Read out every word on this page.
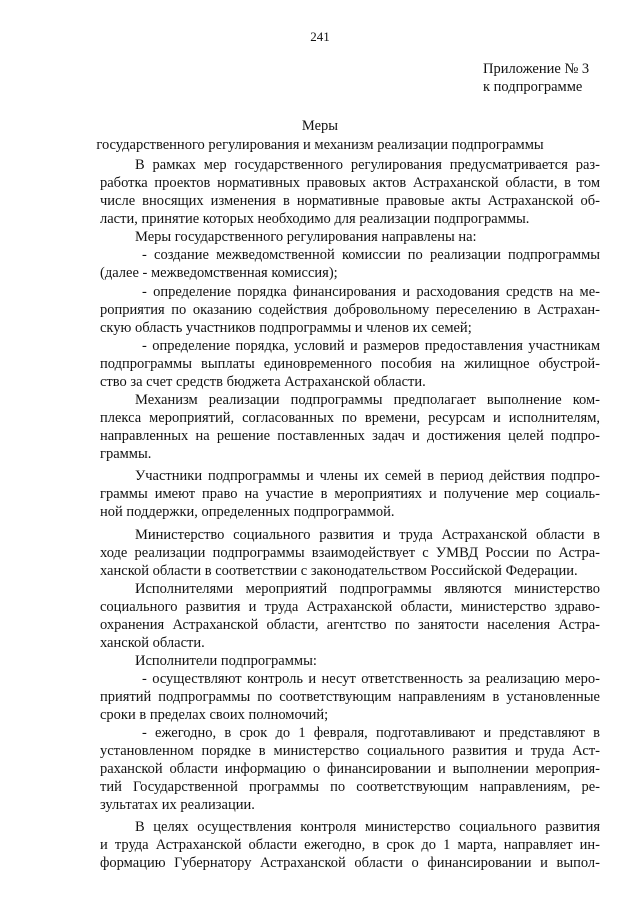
241
Приложение № 3
к подпрограмме
Меры
государственного регулирования и механизм реализации подпрограммы
В рамках мер государственного регулирования предусматривается раз-
работка проектов нормативных правовых актов Астраханской области, в том
числе вносящих изменения в нормативные правовые акты Астраханской об-
ласти, принятие которых необходимо для реализации подпрограммы.
Меры государственного регулирования направлены на:
- создание межведомственной комиссии по реализации подпрограммы
(далее - межведомственная комиссия);
- определение порядка финансирования и расходования средств на ме-
роприятия по оказанию содействия добровольному переселению в Астрахан-
скую область участников подпрограммы и членов их семей;
- определение порядка, условий и размеров предоставления участникам
подпрограммы выплаты единовременного пособия на жилищное обустрой-
ство за счет средств бюджета Астраханской области.
Механизм реализации подпрограммы предполагает выполнение ком-
плекса мероприятий, согласованных по времени, ресурсам и исполнителям,
направленных на решение поставленных задач и достижения целей подпро-
граммы.
Участники подпрограммы и члены их семей в период действия подпро-
граммы имеют право на участие в мероприятиях и получение мер социаль-
ной поддержки, определенных подпрограммой.
Министерство социального развития и труда Астраханской области в
ходе реализации подпрограммы взаимодействует с УМВД России по Астра-
ханской области в соответствии с законодательством Российской Федерации.
Исполнителями мероприятий подпрограммы являются министерство
социального развития и труда Астраханской области, министерство здраво-
охранения Астраханской области, агентство по занятости населения Астра-
ханской области.
Исполнители подпрограммы:
- осуществляют контроль и несут ответственность за реализацию меро-
приятий подпрограммы по соответствующим направлениям в установленные
сроки в пределах своих полномочий;
- ежегодно, в срок до 1 февраля, подготавливают и представляют в
установленном порядке в министерство социального развития и труда Аст-
раханской области информацию о финансировании и выполнении мероприя-
тий Государственной программы по соответствующим направлениям, ре-
зультатах их реализации.
В целях осуществления контроля министерство социального развития
и труда Астраханской области ежегодно, в срок до 1 марта, направляет ин-
формацию Губернатору Астраханской области о финансировании и выпол-
